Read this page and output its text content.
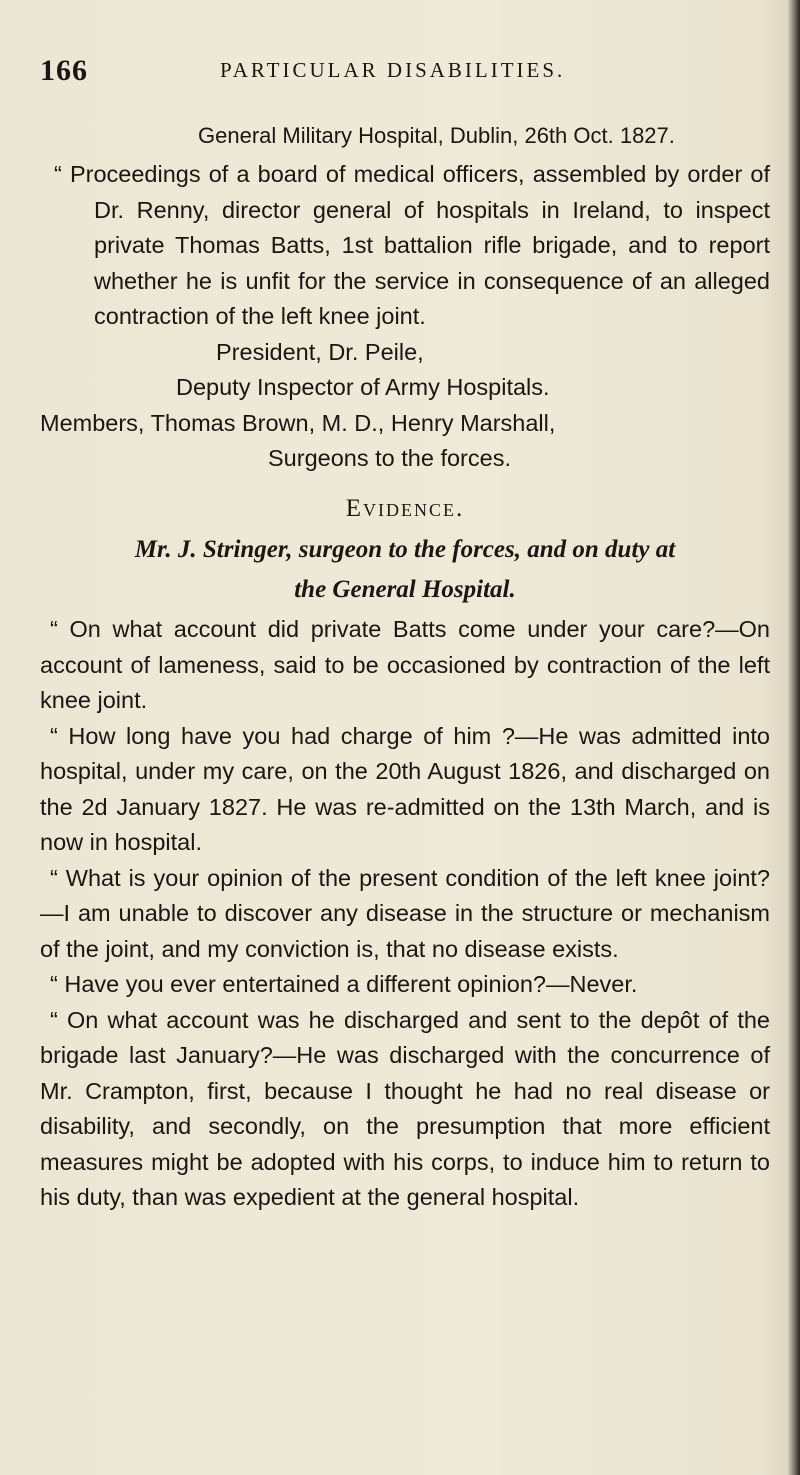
166	PARTICULAR DISABILITIES.
General Military Hospital, Dublin, 26th Oct. 1827.

“ Proceedings of a board of medical officers, assembled by order of Dr. Renny, director general of hospitals in Ireland, to inspect private Thomas Batts, 1st battalion rifle brigade, and to report whether he is unfit for the service in consequence of an alleged contraction of the left knee joint.

President, Dr. Peile,
Deputy Inspector of Army Hospitals.
Members, Thomas Brown, M. D., Henry Marshall,
Surgeons to the forces.
Evidence.
Mr. J. Stringer, surgeon to the forces, and on duty at
the General Hospital.

“ On what account did private Batts come under your care?—On account of lameness, said to be occasioned by contraction of the left knee joint.

“ How long have you had charge of him ?—He was admitted into hospital, under my care, on the 20th August 1826, and discharged on the 2d January 1827. He was re-admitted on the 13th March, and is now in hospital.

“ What is your opinion of the present condition of the left knee joint?—I am unable to discover any disease in the structure or mechanism of the joint, and my conviction is, that no disease exists.

“ Have you ever entertained a different opinion?—Never.

“ On what account was he discharged and sent to the depôt of the brigade last January?—He was discharged with the concurrence of Mr. Crampton, first, because I thought he had no real disease or disability, and secondly, on the presumption that more efficient measures might be adopted with his corps, to induce him to return to his duty, than was expedient at the general hospital.
